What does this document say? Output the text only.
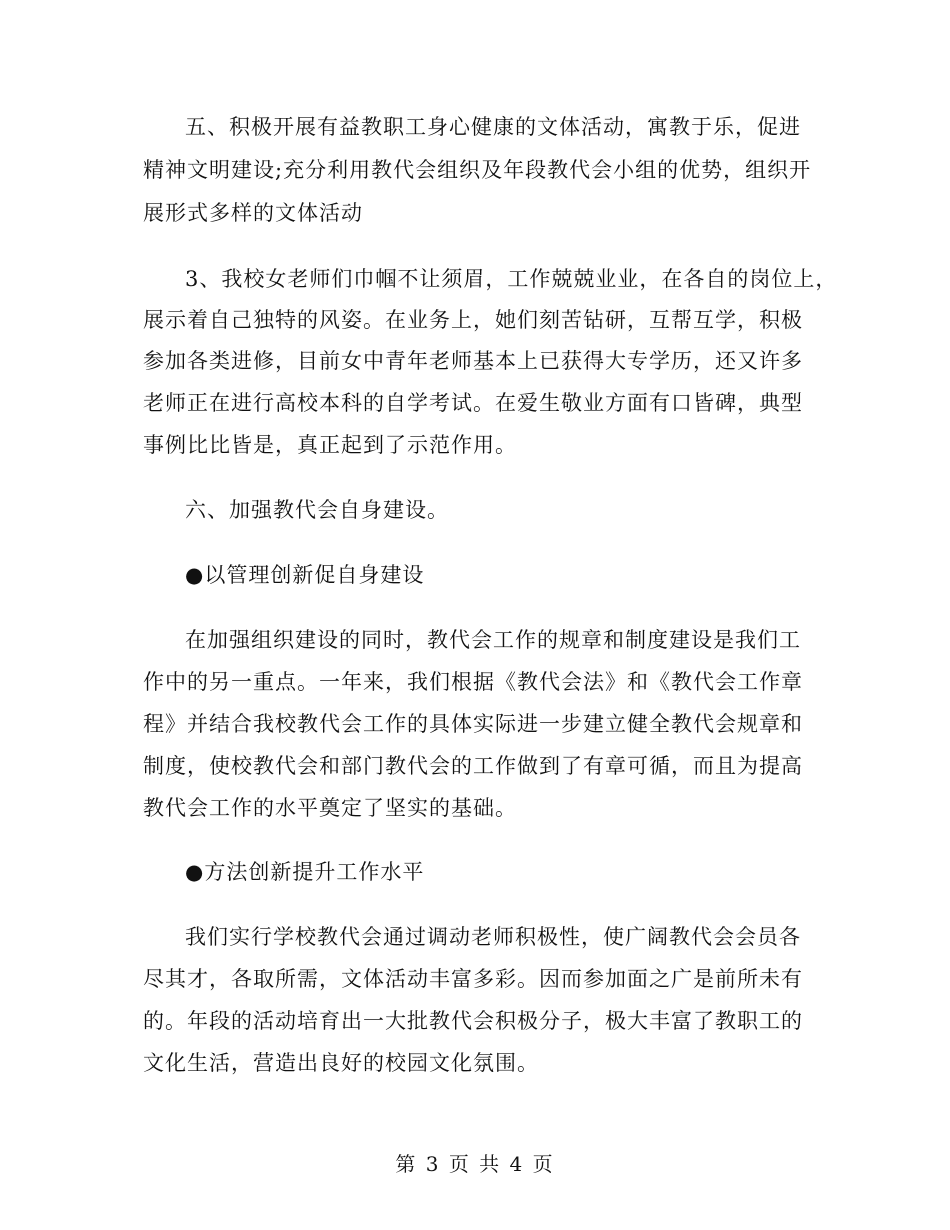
五、积极开展有益教职工身心健康的文体活动，寓教于乐，促进
精神文明建设;充分利用教代会组织及年段教代会小组的优势，组织开
展形式多样的文体活动
3、我校女老师们巾帼不让须眉，工作兢兢业业，在各自的岗位上，
展示着自己独特的风姿。在业务上，她们刻苦钻研，互帮互学，积极
参加各类进修，目前女中青年老师基本上已获得大专学历，还又许多
老师正在进行高校本科的自学考试。在爱生敬业方面有口皆碑，典型
事例比比皆是，真正起到了示范作用。
六、加强教代会自身建设。
●以管理创新促自身建设
在加强组织建设的同时，教代会工作的规章和制度建设是我们工
作中的另一重点。一年来，我们根据《教代会法》和《教代会工作章
程》并结合我校教代会工作的具体实际进一步建立健全教代会规章和
制度，使校教代会和部门教代会的工作做到了有章可循，而且为提高
教代会工作的水平奠定了坚实的基础。
●方法创新提升工作水平
我们实行学校教代会通过调动老师积极性，使广阔教代会会员各
尽其才，各取所需，文体活动丰富多彩。因而参加面之广是前所未有
的。年段的活动培育出一大批教代会积极分子，极大丰富了教职工的
文化生活，营造出良好的校园文化氛围。
第 3 页 共 4 页
